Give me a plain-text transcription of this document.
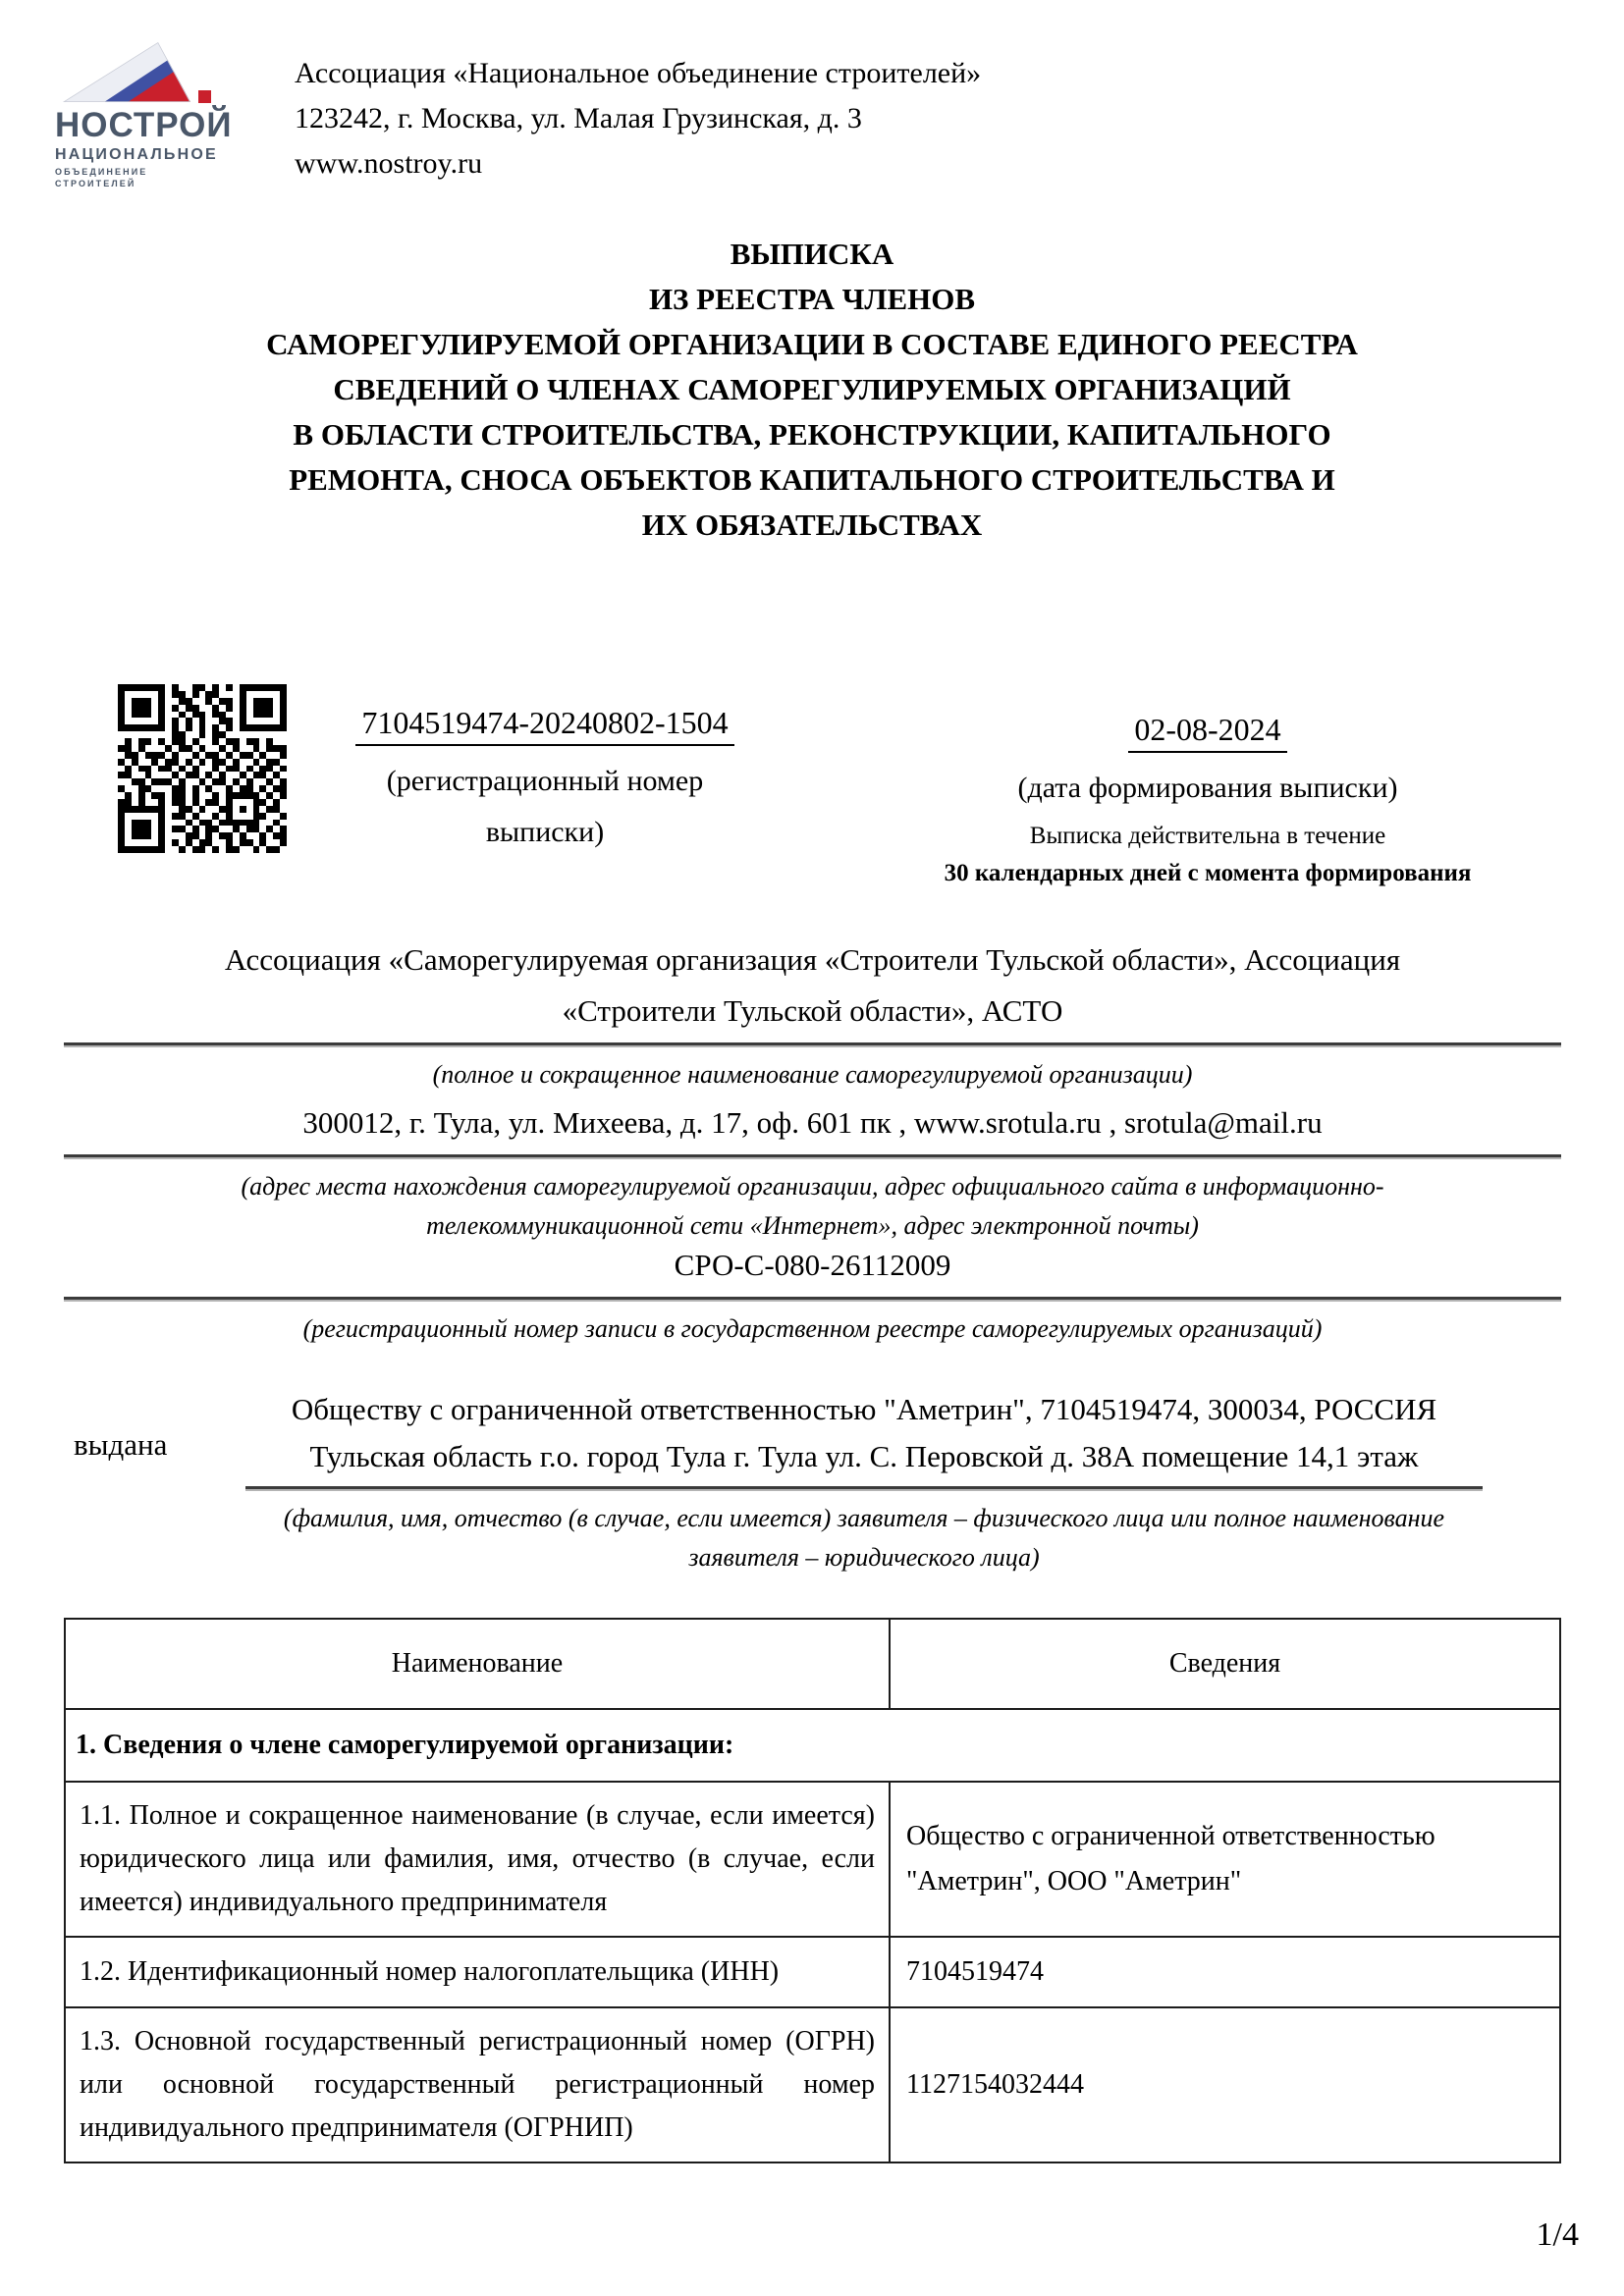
НОСТРОЙ
НАЦИОНАЛЬНОЕ
ОБЪЕДИНЕНИЕ СТРОИТЕЛЕЙ
Ассоциация «Национальное объединение строителей»
123242, г. Москва, ул. Малая Грузинская, д. 3
www.nostroy.ru
ВЫПИСКА
ИЗ РЕЕСТРА ЧЛЕНОВ
САМОРЕГУЛИРУЕМОЙ ОРГАНИЗАЦИИ В СОСТАВЕ ЕДИНОГО РЕЕСТРА
СВЕДЕНИЙ О ЧЛЕНАХ САМОРЕГУЛИРУЕМЫХ ОРГАНИЗАЦИЙ
В ОБЛАСТИ СТРОИТЕЛЬСТВА, РЕКОНСТРУКЦИИ, КАПИТАЛЬНОГО
РЕМОНТА, СНОСА ОБЪЕКТОВ КАПИТАЛЬНОГО СТРОИТЕЛЬСТВА И
ИХ ОБЯЗАТЕЛЬСТВАХ
7104519474-20240802-1504
(регистрационный номер
выписки)
02-08-2024
(дата формирования выписки)
Выписка действительна в течение
30 календарных дней с момента формирования
Ассоциация «Саморегулируемая организация «Строители Тульской области», Ассоциация
«Строители Тульской области», АСТО
(полное и сокращенное наименование саморегулируемой организации)
300012, г. Тула, ул. Михеева, д. 17, оф. 601 пк , www.srotula.ru , srotula@mail.ru
(адрес места нахождения саморегулируемой организации, адрес официального сайта в информационно-
телекоммуникационной сети «Интернет», адрес электронной почты)
СРО-С-080-26112009
(регистрационный номер записи в государственном реестре саморегулируемых организаций)
выдана
Обществу с ограниченной ответственностью "Аметрин", 7104519474, 300034, РОССИЯ
Тульская область г.о. город Тула г. Тула ул. С. Перовской д. 38А помещение 14,1 этаж
(фамилия, имя, отчество (в случае, если имеется) заявителя – физического лица или полное наименование
заявителя – юридического лица)
Наименование	Сведения
1. Сведения о члене саморегулируемой организации:	
1.1. Полное и сокращенное наименование (в случае, если имеется) юридического лица или фамилия, имя, отчество (в случае, если имеется) индивидуального предпринимателя	Общество с ограниченной ответственностью "Аметрин", ООО "Аметрин"
1.2. Идентификационный номер налогоплательщика (ИНН)	7104519474
1.3. Основной государственный регистрационный номер (ОГРН) или основной государственный регистрационный номер индивидуального предпринимателя (ОГРНИП)	1127154032444
1/4
